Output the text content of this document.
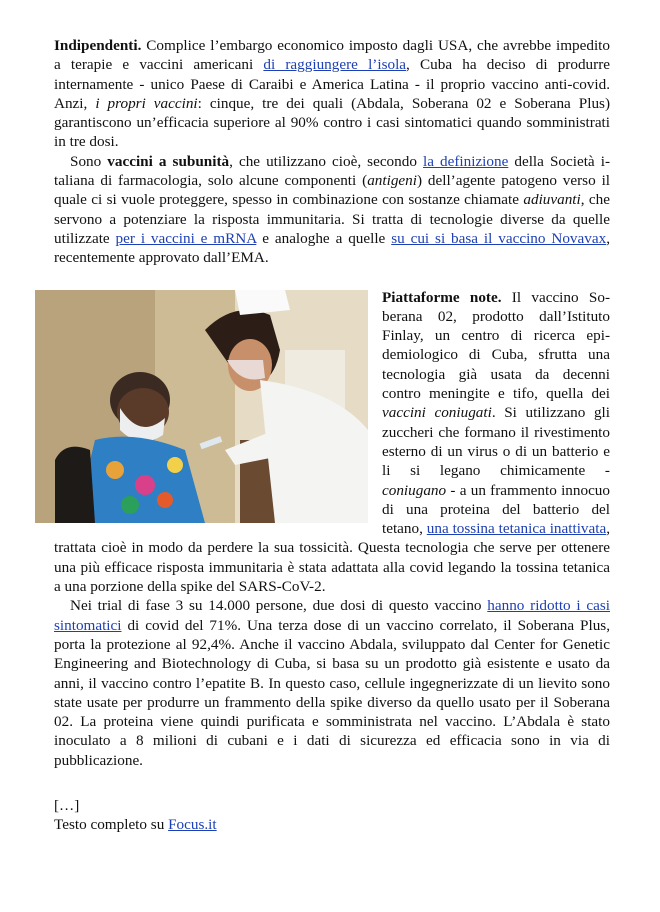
Indipendenti. Complice l’embargo economico imposto dagli USA, che avrebbe impedito a terapie e vaccini americani di raggiungere l’isola, Cuba ha deciso di produrre internamente - unico Paese di Caraibi e America Latina - il proprio vaccino anti-covid. Anzi, i propri vaccini: cinque, tre dei quali (Abdala, Soberana 02 e Soberana Plus) garantiscono un’efficacia superiore al 90% contro i casi sintomatici quando somministrati in tre dosi.

Sono vaccini a subunità, che utilizzano cioè, secondo la definizione della Società italiana di farmacologia, solo alcune componenti (antigeni) dell’agente patogeno verso il quale ci si vuole proteggere, spesso in combinazione con sostanze chiamate adiuvanti, che servono a potenziare la risposta immunitaria. Si tratta di tecnologie diverse da quelle utilizzate per i vaccini e mRNA e analoghe a quelle su cui si basa il vaccino Novavax, recentemente approvato dall’EMA.

Piattaforme note. Il vaccino Soberana 02, prodotto dall’Istituto Finlay, un centro di ricerca epidemiologico di Cuba, sfrutta una tecnologia già usata da decenni contro meningite e tifo, quella dei vaccini coniugati. Si utilizzano gli zuccheri che formano il rivestimento esterno di un virus o di un batterio e li si legano chimicamente - coniugano - a un frammento innocuo di una proteina del batterio del tetano, una tossina tetanica inattivata, trattata cioè in modo da perdere la sua tossicità. Questa tecnologia che serve per ottenere una più efficace risposta immunitaria è stata adattata alla covid legando la tossina tetanica a una porzione della spike del SARS-CoV-2.

Nei trial di fase 3 su 14.000 persone, due dosi di questo vaccino hanno ridotto i casi sintomatici di covid del 71%. Una terza dose di un vaccino correlato, il Soberana Plus, porta la protezione al 92,4%. Anche il vaccino Abdala, sviluppato dal Center for Genetic Engineering and Biotechnology di Cuba, si basa su un prodotto già esistente e usato da anni, il vaccino contro l’epatite B. In questo caso, cellule ingegnerizzate di un lievito sono state usate per produrre un frammento della spike diverso da quello usato per il Soberana 02. La proteina viene quindi purificata e somministrata nel vaccino. L’Abdala è stato inoculato a 8 milioni di cubani e i dati di sicurezza ed efficacia sono in via di pubblicazione.

[…]
Testo completo su Focus.it
